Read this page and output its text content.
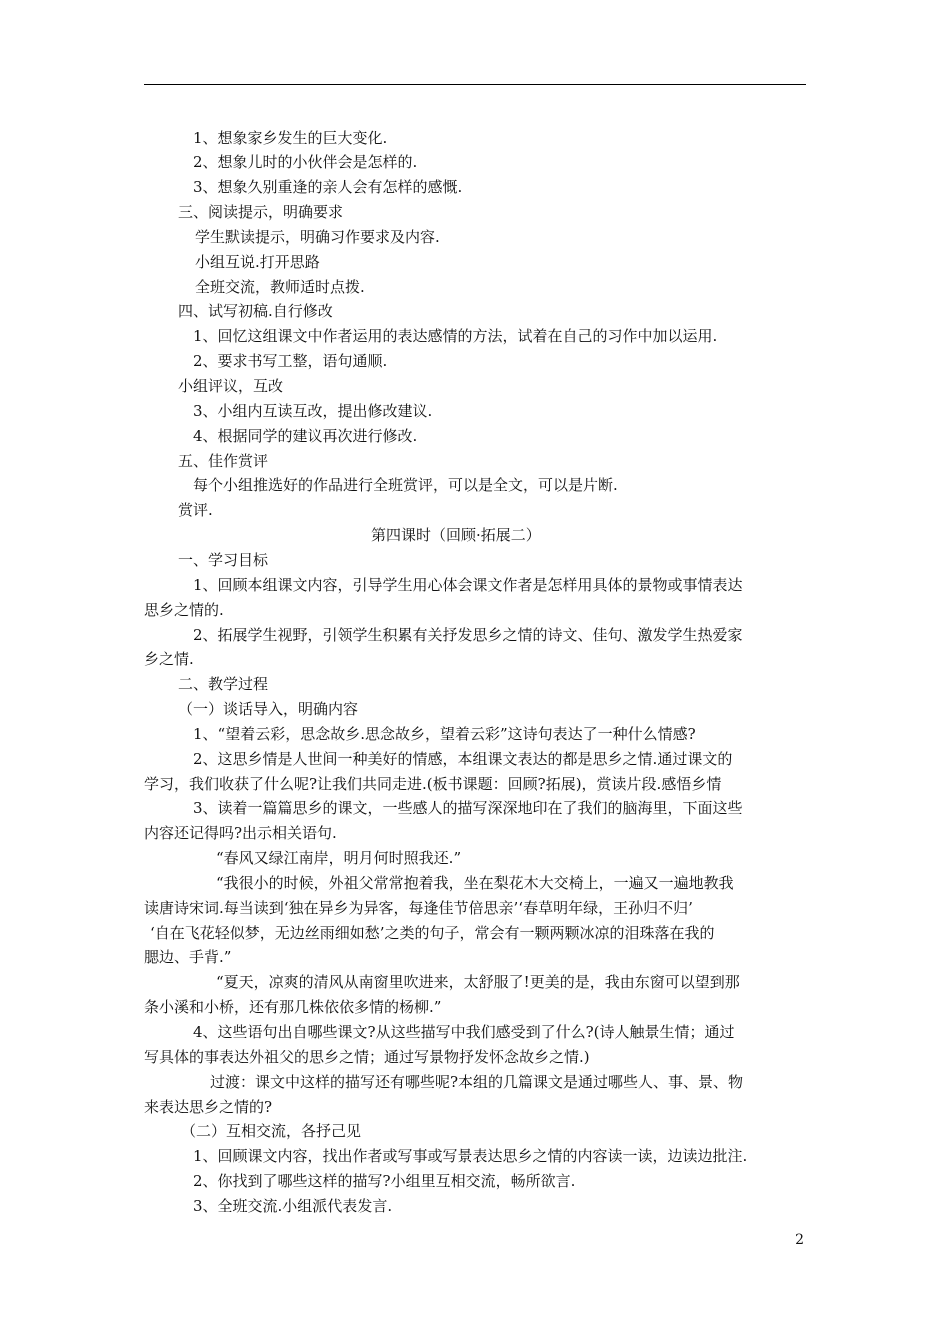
1、想象家乡发生的巨大变化.
2、想象儿时的小伙伴会是怎样的.
3、想象久别重逢的亲人会有怎样的感慨.
三、阅读提示，明确要求
学生默读提示，明确习作要求及内容.
小组互说.打开思路
全班交流，教师适时点拨.
四、试写初稿.自行修改
1、回忆这组课文中作者运用的表达感情的方法，试着在自己的习作中加以运用.
2、要求书写工整，语句通顺.
小组评议，互改
3、小组内互读互改，提出修改建议.
4、根据同学的建议再次进行修改.
五、佳作赏评
每个小组推选好的作品进行全班赏评，可以是全文，可以是片断.
赏评.
第四课时（回顾·拓展二）
一、学习目标
1、回顾本组课文内容，引导学生用心体会课文作者是怎样用具体的景物或事情表达
思乡之情的.
2、拓展学生视野，引领学生积累有关抒发思乡之情的诗文、佳句、激发学生热爱家
乡之情.
二、教学过程
（一）谈话导入，明确内容
1、“望着云彩，思念故乡.思念故乡，望着云彩”这诗句表达了一种什么情感?
2、这思乡情是人世间一种美好的情感，本组课文表达的都是思乡之情.通过课文的
学习，我们收获了什么呢?让我们共同走进.(板书课题：回顾?拓展)，赏读片段.感悟乡情
3、读着一篇篇思乡的课文，一些感人的描写深深地印在了我们的脑海里，下面这些
内容还记得吗?出示相关语句.
“春风又绿江南岸，明月何时照我还.”
“我很小的时候，外祖父常常抱着我，坐在梨花木大交椅上，一遍又一遍地教我
读唐诗宋词.每当读到‘独在异乡为异客，每逢佳节倍思亲’‘春草明年绿，王孙归不归’
‘自在飞花轻似梦，无边丝雨细如愁’之类的句子，常会有一颗两颗冰凉的泪珠落在我的
腮边、手背.”
“夏天，凉爽的清风从南窗里吹进来，太舒服了!更美的是，我由东窗可以望到那
条小溪和小桥，还有那几株依依多情的杨柳.”
4、这些语句出自哪些课文?从这些描写中我们感受到了什么?(诗人触景生情；通过
写具体的事表达外祖父的思乡之情；通过写景物抒发怀念故乡之情.)
过渡：课文中这样的描写还有哪些呢?本组的几篇课文是通过哪些人、事、景、物
来表达思乡之情的?
（二）互相交流，各抒己见
1、回顾课文内容，找出作者或写事或写景表达思乡之情的内容读一读，边读边批注.
2、你找到了哪些这样的描写?小组里互相交流，畅所欲言.
3、全班交流.小组派代表发言.
2
